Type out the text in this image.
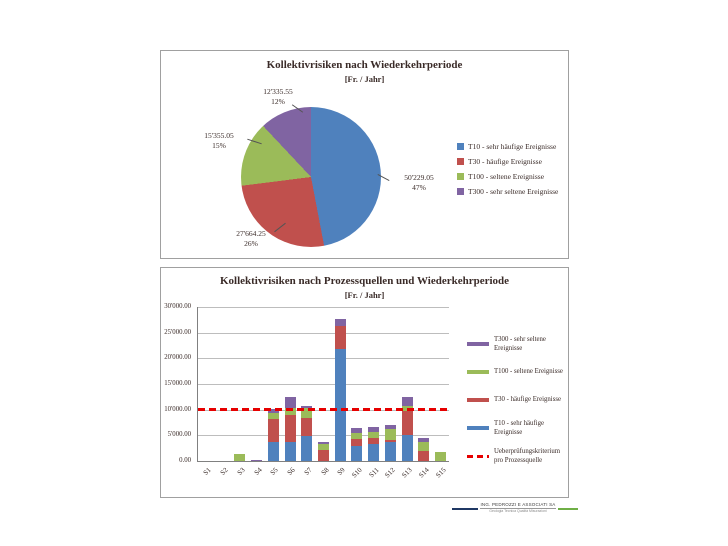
Kollektivrisiken nach Wiederkehrperiode
[Fr. / Jahr]
50'229.05
47%
27'664.25
26%
15'355.05
15%
12'335.55
12%
T10 - sehr häufige Ereignisse
T30 - häufige Ereignisse
T100 - seltene Ereignisse
T300 - sehr seltene Ereignisse
Kollektivrisiken nach Prozessquellen und Wiederkehrperiode
[Fr. / Jahr]
30'000.00
25'000.00
20'000.00
15'000.00
10'000.00
5'000.00
0.00
S1 S2 S3 S4 S5 S6 S7 S8 S9 S10 S11 S12 S13 S14 S15
T300 - sehr seltene Ereignisse
T100 - seltene Ereignisse
T30 - häufige Ereignisse
T10 - sehr häufige Ereignisse
Ueberprüfungskriterium pro Prozessquelle
ING. PEDROZZI E ASSOCIATI SA
Geologia Tecnica Qualità Misurazioni
